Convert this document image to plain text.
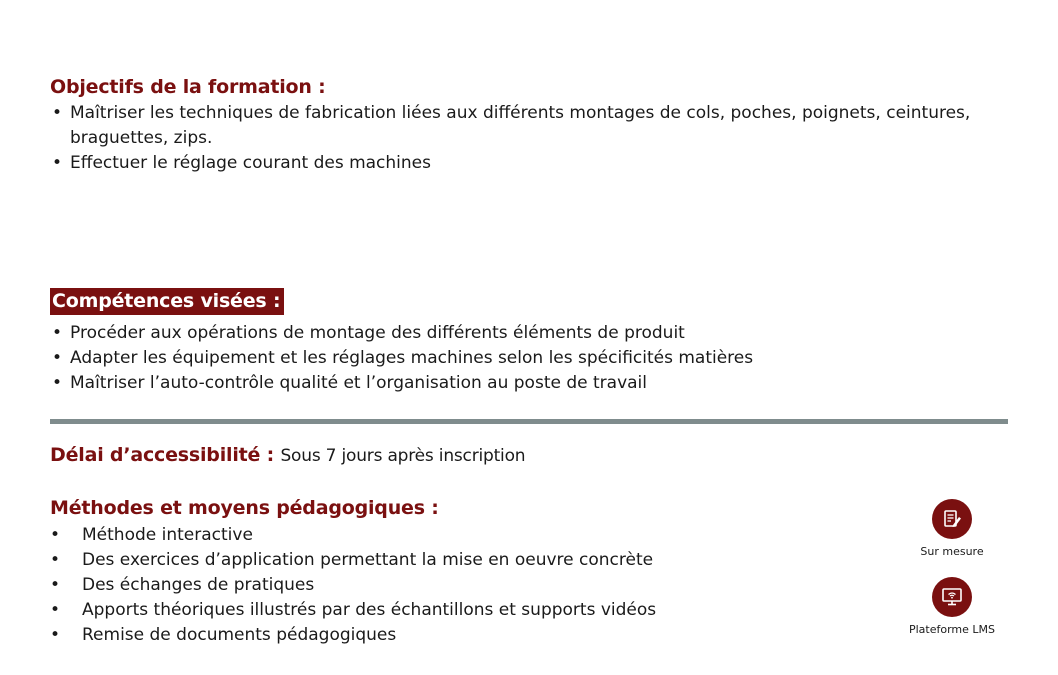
Objectifs de la formation :
• Maîtriser les techniques de fabrication liées aux différents montages de cols, poches, poignets, ceintures, braguettes, zips.
• Effectuer le réglage courant des machines
Compétences visées :
• Procéder aux opérations de montage des différents éléments de produit
• Adapter les équipement et les réglages machines selon les spécificités matières
• Maîtriser l’auto-contrôle qualité et l’organisation au poste de travail
Délai d’accessibilité : Sous 7 jours après inscription
Méthodes et moyens pédagogiques :
• Méthode interactive
• Des exercices d’application permettant la mise en oeuvre concrète
• Des échanges de pratiques
• Apports théoriques illustrés par des échantillons et supports vidéos
• Remise de documents pédagogiques
Sur mesure
Plateforme LMS
